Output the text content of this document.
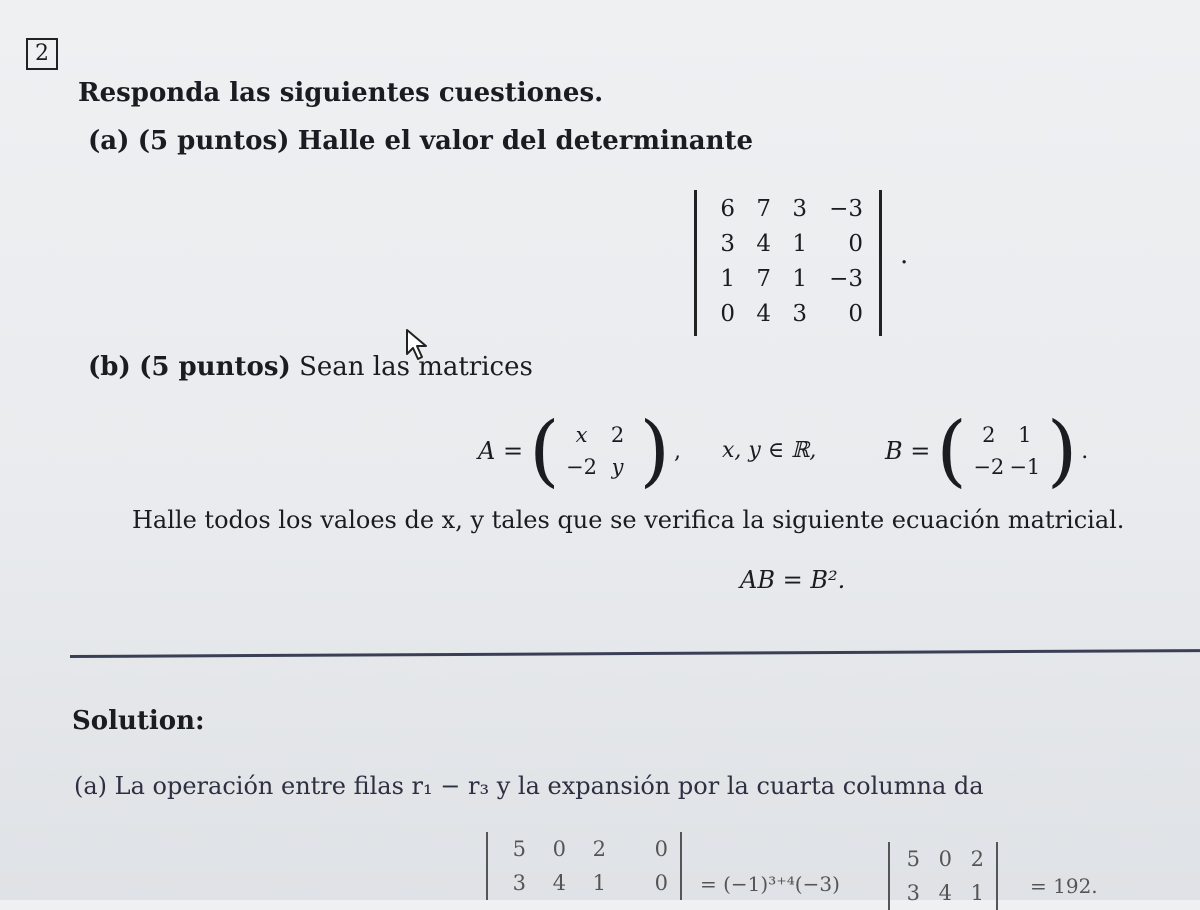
2
Responda las siguientes cuestiones.
(a) (5 puntos) Halle el valor del determinante
6 7 3 −3
3 4 1	0
1 7 1 −3
0 4 3	0
.
(b) (5 puntos) Sean las matrices
A = ( x	2
−2 y ) , x, y ∈ ℝ,	B = ( 2	1
−2 −1 ) .
Halle todos los valoes de x, y tales que se verifica la siguiente ecuación matricial.
AB = B².
Solution:
(a) La operación entre filas r₁ − r₃ y la expansión por la cuarta columna da
5	0	2	0
3	4	1	0	= (−1)³⁺⁴(−3)
5 0 2
3 4 1	= 192.
